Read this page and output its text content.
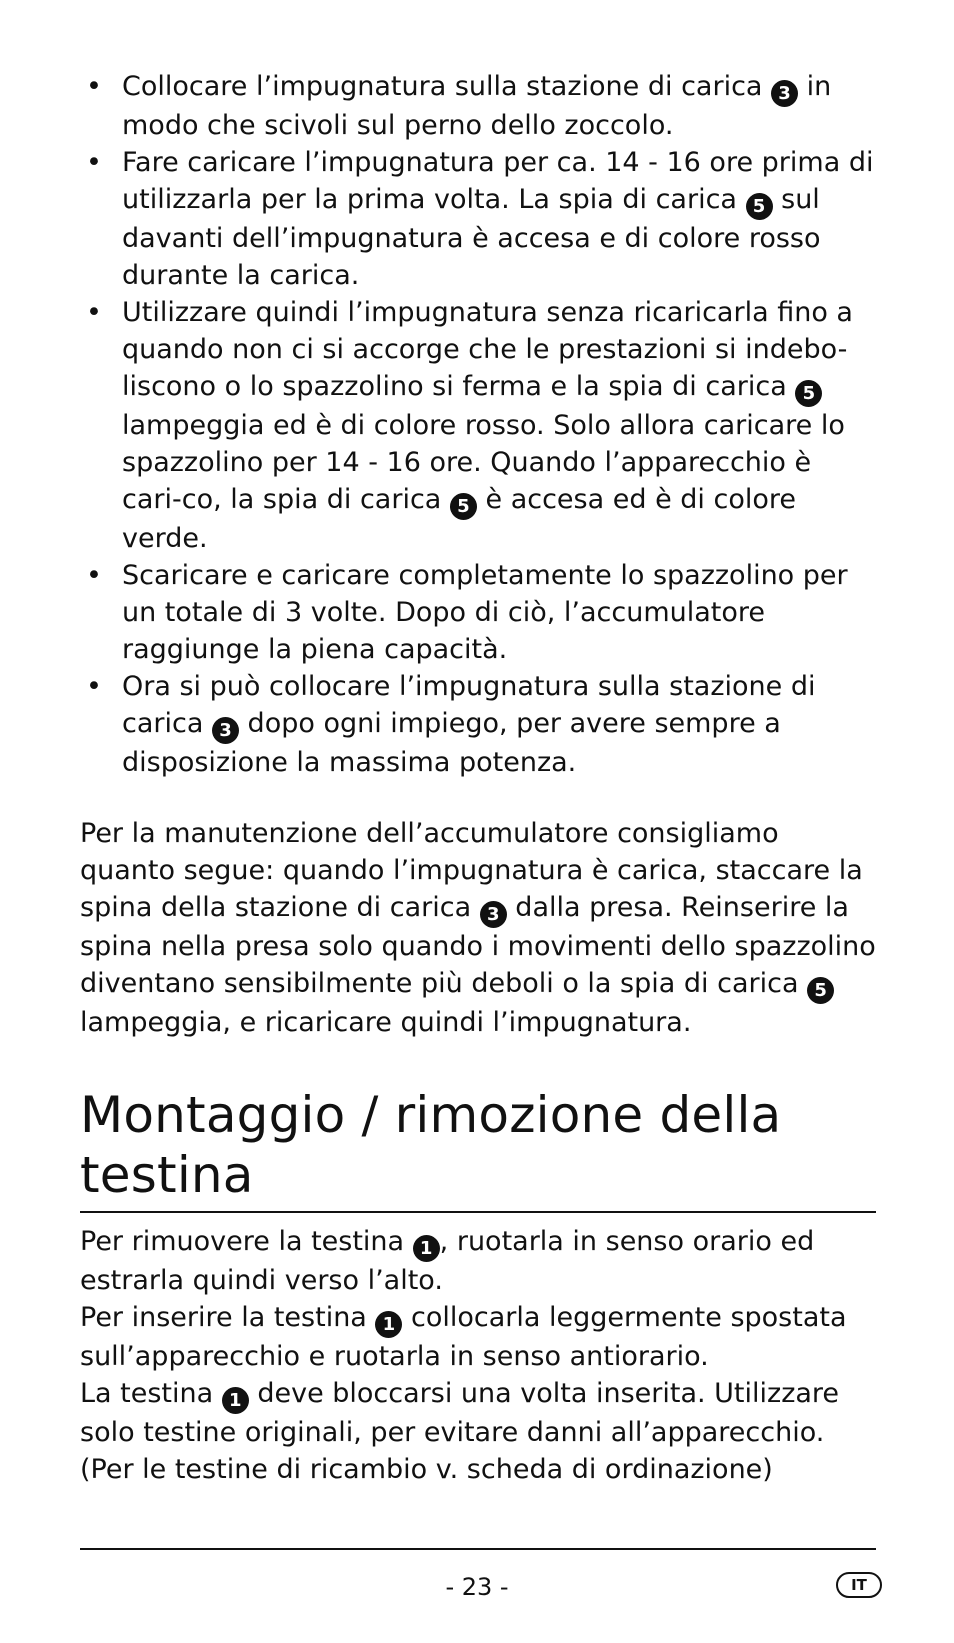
• Collocare l’impugnatura sulla stazione di carica 3 in modo che scivoli sul perno dello zoccolo.
• Fare caricare l’impugnatura per ca. 14 - 16 ore prima di utilizzarla per la prima volta. La spia di carica 5 sul davanti dell’impugnatura è accesa e di colore rosso durante la carica.
• Utilizzare quindi l’impugnatura senza ricaricarla fino a quando non ci si accorge che le prestazioni si indebo-liscono o lo spazzolino si ferma e la spia di carica 5 lampeggia ed è di colore rosso. Solo allora caricare lo spazzolino per 14 - 16 ore. Quando l’apparecchio è cari-co, la spia di carica 5 è accesa ed è di colore verde.
• Scaricare e caricare completamente lo spazzolino per un totale di 3 volte. Dopo di ciò, l’accumulatore raggiunge la piena capacità.
• Ora si può collocare l’impugnatura sulla stazione di carica 3 dopo ogni impiego, per avere sempre a disposizione la massima potenza.

Per la manutenzione dell’accumulatore consigliamo quanto segue: quando l’impugnatura è carica, staccare la spina della stazione di carica 3 dalla presa. Reinserire la spina nella presa solo quando i movimenti dello spazzolino diventano sensibilmente più deboli o la spia di carica 5 lampeggia, e ricaricare quindi l’impugnatura.

Montaggio / rimozione della testina

Per rimuovere la testina 1 , ruotarla in senso orario ed estrarla quindi verso l’alto.

Per inserire la testina 1 collocarla leggermente spostata sull’apparecchio e ruotarla in senso antiorario.

La testina 1 deve bloccarsi una volta inserita. Utilizzare solo testine originali, per evitare danni all’apparecchio.

(Per le testine di ricambio v. scheda di ordinazione)

- 23 -	IT
